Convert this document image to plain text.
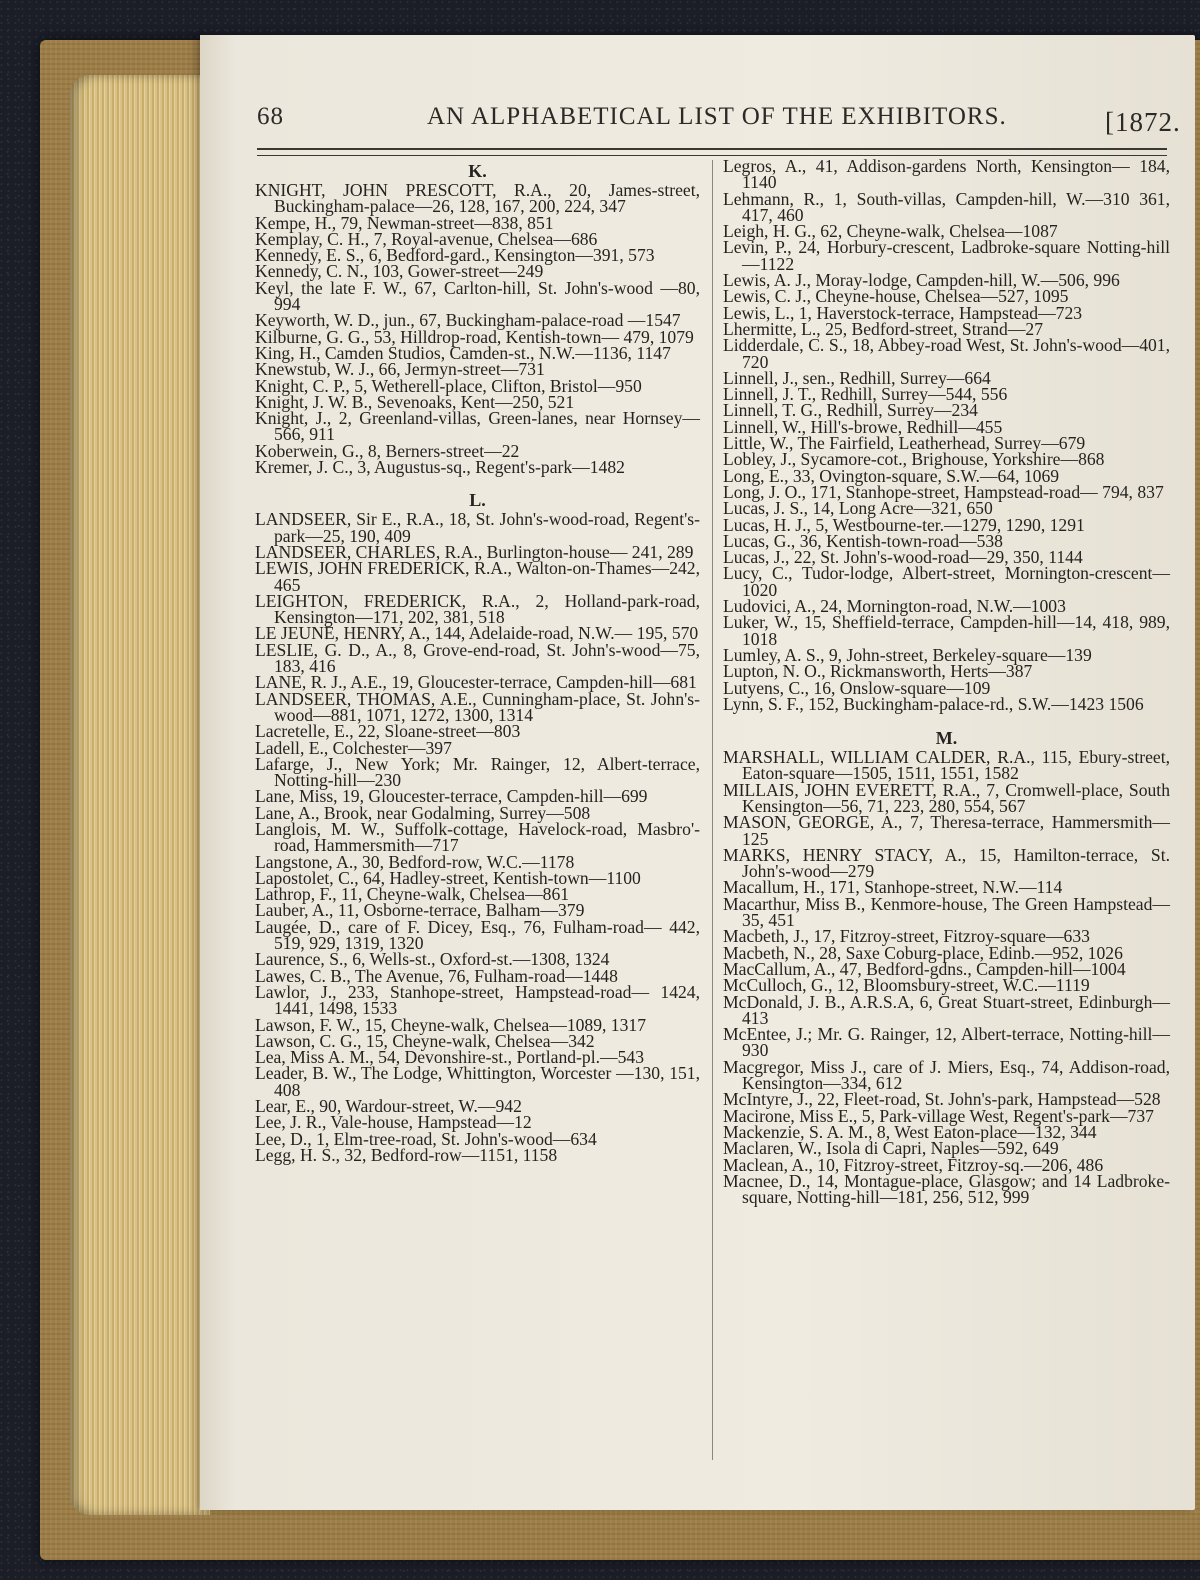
68	AN ALPHABETICAL LIST OF THE EXHIBITORS.	[1872.
K.
KNIGHT, JOHN PRESCOTT, R.A., 20, James-street, Buckingham-palace—26, 128, 167, 200, 224, 347
Kempe, H., 79, Newman-street—838, 851
Kemplay, C. H., 7, Royal-avenue, Chelsea—686
Kennedy, E. S., 6, Bedford-gard., Kensington—391, 573
Kennedy, C. N., 103, Gower-street—249
Keyl, the late F. W., 67, Carlton-hill, St. John's-wood —80, 994
Keyworth, W. D., jun., 67, Buckingham-palace-road —1547
Kilburne, G. G., 53, Hilldrop-road, Kentish-town— 479, 1079
King, H., Camden Studios, Camden-st., N.W.—1136, 1147
Knewstub, W. J., 66, Jermyn-street—731
Knight, C. P., 5, Wetherell-place, Clifton, Bristol—950
Knight, J. W. B., Sevenoaks, Kent—250, 521
Knight, J., 2, Greenland-villas, Green-lanes, near Hornsey—566, 911
Koberwein, G., 8, Berners-street—22
Kremer, J. C., 3, Augustus-sq., Regent's-park—1482
L.
LANDSEER, Sir E., R.A., 18, St. John's-wood-road, Regent's-park—25, 190, 409
LANDSEER, CHARLES, R.A., Burlington-house— 241, 289
LEWIS, JOHN FREDERICK, R.A., Walton-on-Thames—242, 465
LEIGHTON, FREDERICK, R.A., 2, Holland-park-road, Kensington—171, 202, 381, 518
LE JEUNE, HENRY, A., 144, Adelaide-road, N.W.— 195, 570
LESLIE, G. D., A., 8, Grove-end-road, St. John's-wood—75, 183, 416
LANE, R. J., A.E., 19, Gloucester-terrace, Campden-hill—681
LANDSEER, THOMAS, A.E., Cunningham-place, St. John's-wood—881, 1071, 1272, 1300, 1314
Lacretelle, E., 22, Sloane-street—803
Ladell, E., Colchester—397
Lafarge, J., New York; Mr. Rainger, 12, Albert-terrace, Notting-hill—230
Lane, Miss, 19, Gloucester-terrace, Campden-hill—699
Lane, A., Brook, near Godalming, Surrey—508
Langlois, M. W., Suffolk-cottage, Havelock-road, Masbro'-road, Hammersmith—717
Langstone, A., 30, Bedford-row, W.C.—1178
Lapostolet, C., 64, Hadley-street, Kentish-town—1100
Lathrop, F., 11, Cheyne-walk, Chelsea—861
Lauber, A., 11, Osborne-terrace, Balham—379
Laugée, D., care of F. Dicey, Esq., 76, Fulham-road— 442, 519, 929, 1319, 1320
Laurence, S., 6, Wells-st., Oxford-st.—1308, 1324
Lawes, C. B., The Avenue, 76, Fulham-road—1448
Lawlor, J., 233, Stanhope-street, Hampstead-road— 1424, 1441, 1498, 1533
Lawson, F. W., 15, Cheyne-walk, Chelsea—1089, 1317
Lawson, C. G., 15, Cheyne-walk, Chelsea—342
Lea, Miss A. M., 54, Devonshire-st., Portland-pl.—543
Leader, B. W., The Lodge, Whittington, Worcester —130, 151, 408
Lear, E., 90, Wardour-street, W.—942
Lee, J. R., Vale-house, Hampstead—12
Lee, D., 1, Elm-tree-road, St. John's-wood—634
Legg, H. S., 32, Bedford-row—1151, 1158
Legros, A., 41, Addison-gardens North, Kensington— 184, 1140
Lehmann, R., 1, South-villas, Campden-hill, W.—310 361, 417, 460
Leigh, H. G., 62, Cheyne-walk, Chelsea—1087
Levin, P., 24, Horbury-crescent, Ladbroke-square Notting-hill—1122
Lewis, A. J., Moray-lodge, Campden-hill, W.—506, 996
Lewis, C. J., Cheyne-house, Chelsea—527, 1095
Lewis, L., 1, Haverstock-terrace, Hampstead—723
Lhermitte, L., 25, Bedford-street, Strand—27
Lidderdale, C. S., 18, Abbey-road West, St. John's-wood—401, 720
Linnell, J., sen., Redhill, Surrey—664
Linnell, J. T., Redhill, Surrey—544, 556
Linnell, T. G., Redhill, Surrey—234
Linnell, W., Hill's-browe, Redhill—455
Little, W., The Fairfield, Leatherhead, Surrey—679
Lobley, J., Sycamore-cot., Brighouse, Yorkshire—868
Long, E., 33, Ovington-square, S.W.—64, 1069
Long, J. O., 171, Stanhope-street, Hampstead-road— 794, 837
Lucas, J. S., 14, Long Acre—321, 650
Lucas, H. J., 5, Westbourne-ter.—1279, 1290, 1291
Lucas, G., 36, Kentish-town-road—538
Lucas, J., 22, St. John's-wood-road—29, 350, 1144
Lucy, C., Tudor-lodge, Albert-street, Mornington-crescent—1020
Ludovici, A., 24, Mornington-road, N.W.—1003
Luker, W., 15, Sheffield-terrace, Campden-hill—14, 418, 989, 1018
Lumley, A. S., 9, John-street, Berkeley-square—139
Lupton, N. O., Rickmansworth, Herts—387
Lutyens, C., 16, Onslow-square—109
Lynn, S. F., 152, Buckingham-palace-rd., S.W.—1423 1506
M.
MARSHALL, WILLIAM CALDER, R.A., 115, Ebury-street, Eaton-square—1505, 1511, 1551, 1582
MILLAIS, JOHN EVERETT, R.A., 7, Cromwell-place, South Kensington—56, 71, 223, 280, 554, 567
MASON, GEORGE, A., 7, Theresa-terrace, Hammersmith—125
MARKS, HENRY STACY, A., 15, Hamilton-terrace, St. John's-wood—279
Macallum, H., 171, Stanhope-street, N.W.—114
Macarthur, Miss B., Kenmore-house, The Green Hampstead—35, 451
Macbeth, J., 17, Fitzroy-street, Fitzroy-square—633
Macbeth, N., 28, Saxe Coburg-place, Edinb.—952, 1026
MacCallum, A., 47, Bedford-gdns., Campden-hill—1004
McCulloch, G., 12, Bloomsbury-street, W.C.—1119
McDonald, J. B., A.R.S.A, 6, Great Stuart-street, Edinburgh—413
McEntee, J.; Mr. G. Rainger, 12, Albert-terrace, Notting-hill—930
Macgregor, Miss J., care of J. Miers, Esq., 74, Addison-road, Kensington—334, 612
McIntyre, J., 22, Fleet-road, St. John's-park, Hampstead—528
Macirone, Miss E., 5, Park-village West, Regent's-park—737
Mackenzie, S. A. M., 8, West Eaton-place—132, 344
Maclaren, W., Isola di Capri, Naples—592, 649
Maclean, A., 10, Fitzroy-street, Fitzroy-sq.—206, 486
Macnee, D., 14, Montague-place, Glasgow; and 14 Ladbroke-square, Notting-hill—181, 256, 512, 999
